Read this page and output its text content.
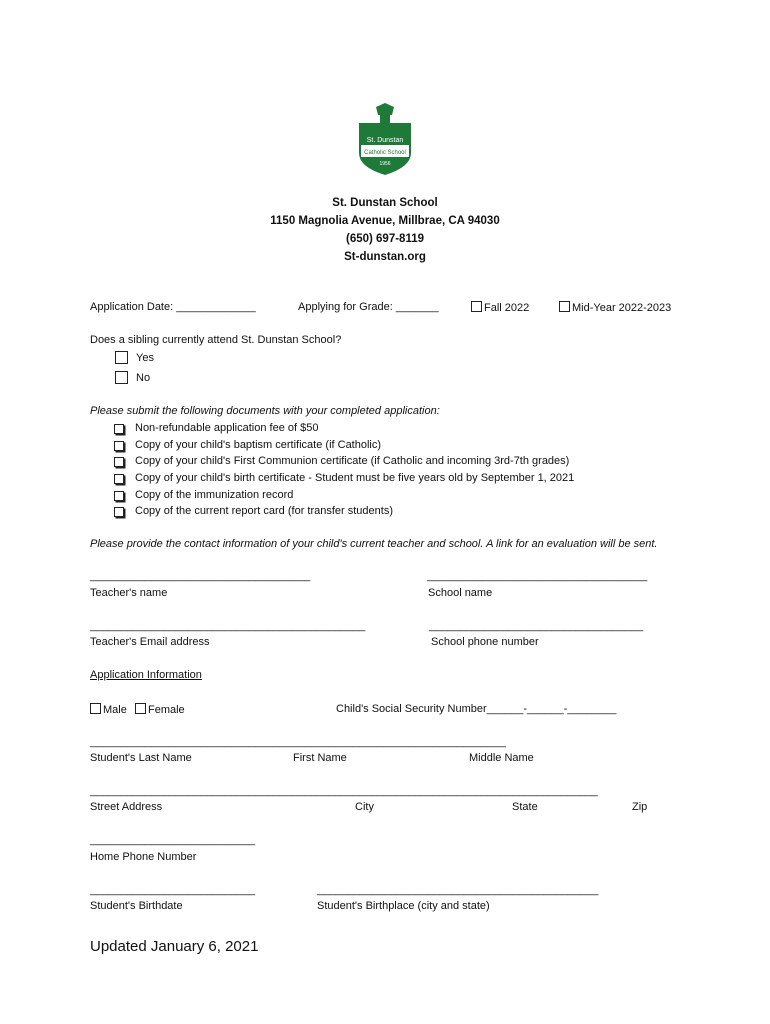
St. Dunstan
Catholic School
1956
St. Dunstan School
1150 Magnolia Avenue, Millbrae, CA 94030
(650) 697-8119
St-dunstan.org
Application Date: _____________	Applying for Grade: _______	Fall 2022	Mid-Year 2022-2023
Does a sibling currently attend St. Dunstan School?
Yes
No
Please submit the following documents with your completed application:
Non-refundable application fee of $50
Copy of your child's baptism certificate (if Catholic)
Copy of your child's First Communion certificate (if Catholic and incoming 3rd-7th grades)
Copy of your child's birth certificate - Student must be five years old by September 1, 2021
Copy of the immunization record
Copy of the current report card (for transfer students)
Please provide the contact information of your child's current teacher and school. A link for an evaluation will be sent.
____________________________________	____________________________________
Teacher's name	School name
_____________________________________________	___________________________________
Teacher's Email address	School phone number
Application Information
Male	Female	Child's Social Security Number______-______-________
____________________________________________________________________
Student's Last Name	First Name	Middle Name
___________________________________________________________________________________
Street Address	City	State	Zip
___________________________
Home Phone Number
___________________________	______________________________________________
Student's Birthdate	Student's Birthplace (city and state)
Updated January 6, 2021
